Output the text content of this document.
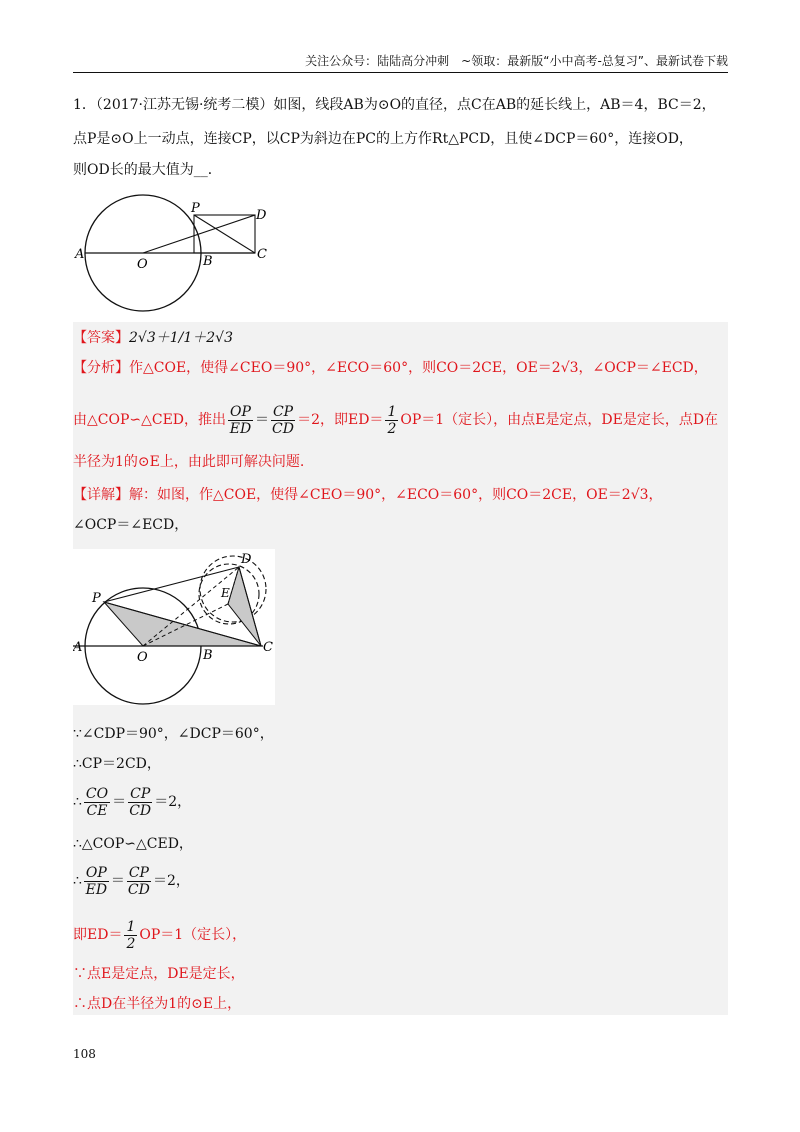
关注公众号：陆陆高分冲刺　~领取：最新版“小中高考-总复习”、最新试卷下载
1．（2017·江苏无锡·统考二模）如图，线段AB为⊙O的直径，点C在AB的延长线上，AB＝4，BC＝2，
点P是⊙O上一动点，连接CP，以CP为斜边在PC的上方作Rt△PCD，且使∠DCP＝60°，连接OD，
则OD长的最大值为__．
A
O	B	C
P	D
【答案】2√3＋1/1＋2√3
【分析】作△COE，使得∠CEO＝90°，∠ECO＝60°，则CO＝2CE，OE＝2√3，∠OCP＝∠ECD，
由△COP∽△CED，推出 $\frac{OP}{ED} = \frac{CP}{CD} =2$，即$ED= \frac{1}{2} OP=1$（定长），由点E是定点，DE是定长，点D在
半径为1的⊙E上，由此即可解决问题.
【详解】解：如图，作△COE，使得∠CEO＝90°，∠ECO＝60°，则CO＝2CE，OE＝2√3，
∠OCP＝∠ECD，
D
E
P
A
O	B
C
∵∠CDP＝90°，∠DCP＝60°，
∴CP＝2CD，
∴ $\frac{CO}{CE} = \frac{CP}{CD} =2$，
∴△COP∽△CED，
∴ $\frac{OP}{ED} = \frac{CP}{CD} =2$，
即$ED= \frac{1}{2} OP=1$（定长），
∵点E是定点，DE是定长，
∴点D在半径为1的⊙E上，
108
